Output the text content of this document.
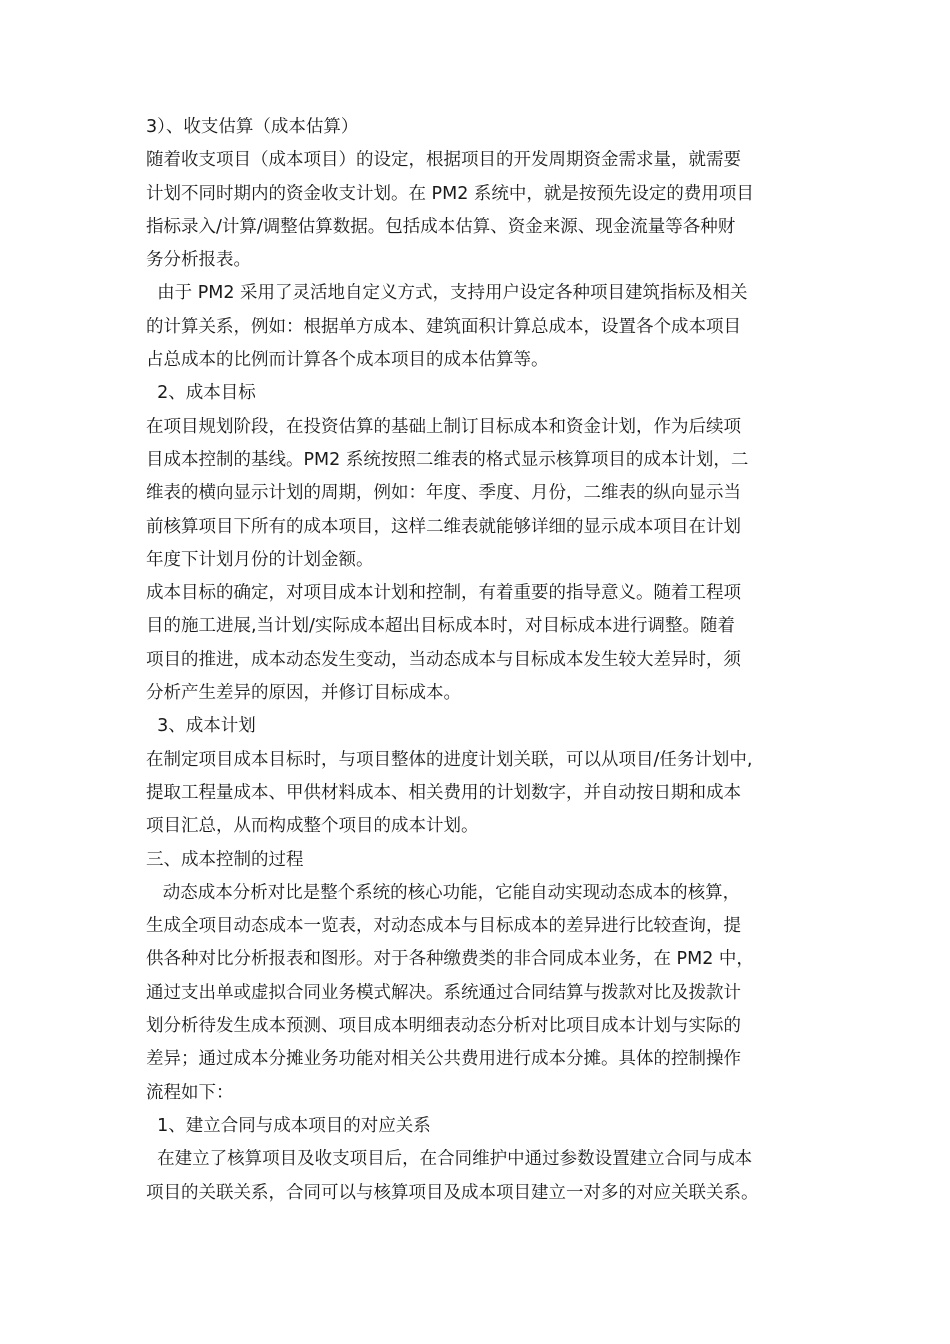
3）、收支估算（成本估算）
随着收支项目（成本项目）的设定，根据项目的开发周期资金需求量，就需要
计划不同时期内的资金收支计划。在 PM2 系统中，就是按预先设定的费用项目
指标录入/计算/调整估算数据。包括成本估算、资金来源、现金流量等各种财
务分析报表。
由于 PM2 采用了灵活地自定义方式，支持用户设定各种项目建筑指标及相关
的计算关系，例如：根据单方成本、建筑面积计算总成本，设置各个成本项目
占总成本的比例而计算各个成本项目的成本估算等。
2、成本目标
在项目规划阶段，在投资估算的基础上制订目标成本和资金计划，作为后续项
目成本控制的基线。PM2 系统按照二维表的格式显示核算项目的成本计划，二
维表的横向显示计划的周期，例如：年度、季度、月份，二维表的纵向显示当
前核算项目下所有的成本项目，这样二维表就能够详细的显示成本项目在计划
年度下计划月份的计划金额。
成本目标的确定，对项目成本计划和控制，有着重要的指导意义。随着工程项
目的施工进展,当计划/实际成本超出目标成本时，对目标成本进行调整。随着
项目的推进，成本动态发生变动，当动态成本与目标成本发生较大差异时，须
分析产生差异的原因，并修订目标成本。
3、成本计划
在制定项目成本目标时，与项目整体的进度计划关联，可以从项目/任务计划中,
提取工程量成本、甲供材料成本、相关费用的计划数字，并自动按日期和成本
项目汇总，从而构成整个项目的成本计划。
三、成本控制的过程
动态成本分析对比是整个系统的核心功能，它能自动实现动态成本的核算，
生成全项目动态成本一览表，对动态成本与目标成本的差异进行比较查询，提
供各种对比分析报表和图形。对于各种缴费类的非合同成本业务，在 PM2 中，
通过支出单或虚拟合同业务模式解决。系统通过合同结算与拨款对比及拨款计
划分析待发生成本预测、项目成本明细表动态分析对比项目成本计划与实际的
差异；通过成本分摊业务功能对相关公共费用进行成本分摊。具体的控制操作
流程如下：
1、建立合同与成本项目的对应关系
在建立了核算项目及收支项目后，在合同维护中通过参数设置建立合同与成本
项目的关联关系，合同可以与核算项目及成本项目建立一对多的对应关联关系。
